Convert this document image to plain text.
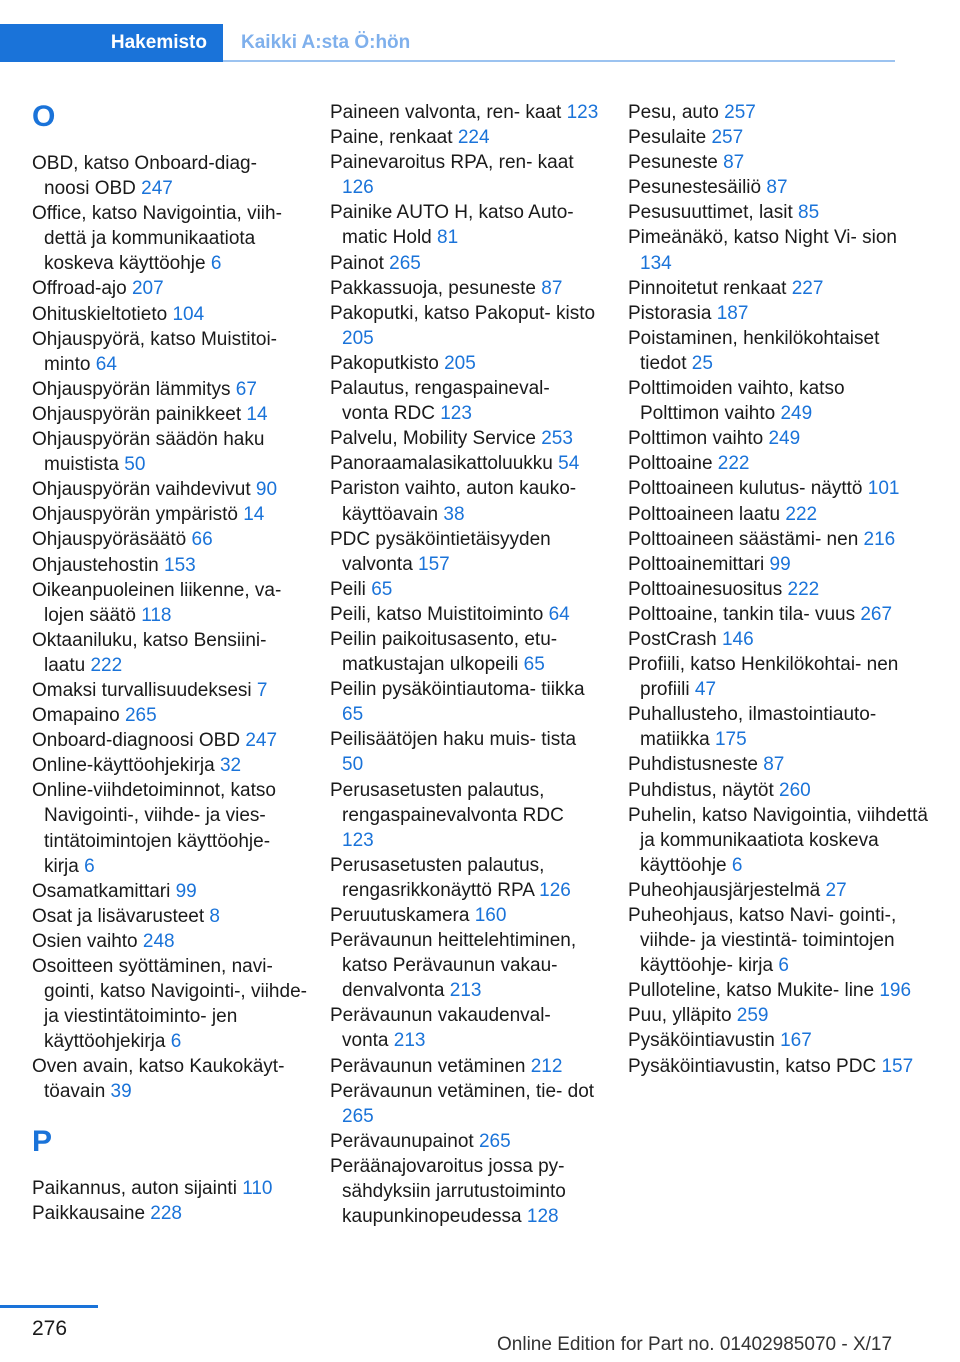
Hakemisto	Kaikki A:sta Ö:hön
O
OBD, katso Onboard-diag‐ noosi OBD 247
Office, katso Navigointia, viih‐ dettä ja kommunikaatiota koskeva käyttöohje 6
Offroad-ajo 207
Ohituskieltotieto 104
Ohjauspyörä, katso Muistitoi‐ minto 64
Ohjauspyörän lämmitys 67
Ohjauspyörän painikkeet 14
Ohjauspyörän säädön haku muistista 50
Ohjauspyörän vaihdevivut 90
Ohjauspyörän ympäristö 14
Ohjauspyöräsäätö 66
Ohjaustehostin 153
Oikeanpuoleinen liikenne, va‐ lojen säätö 118
Oktaaniluku, katso Bensiini‐ laatu 222
Omaksi turvallisuudeksesi 7
Omapaino 265
Onboard-diagnoosi OBD 247
Online-käyttöohjekirja 32
Online-viihdetoiminnot, katso Navigointi-, viihde- ja vies‐ tintätoimintojen käyttöohje‐ kirja 6
Osamatkamittari 99
Osat ja lisävarusteet 8
Osien vaihto 248
Osoitteen syöttäminen, navi‐ gointi, katso Navigointi-, viihde- ja viestintätoiminto‐ jen käyttöohjekirja 6
Oven avain, katso Kaukokäyt‐ töavain 39
P
Paikannus, auton sijainti 110
Paikkausaine 228
Paineen valvonta, ren‐ kaat 123
Paine, renkaat 224
Painevaroitus RPA, ren‐ kaat 126
Painike AUTO H, katso Auto‐ matic Hold 81
Painot 265
Pakkassuoja, pesuneste 87
Pakoputki, katso Pakoput‐ kisto 205
Pakoputkisto 205
Palautus, rengaspaineval‐ vonta RDC 123
Palvelu, Mobility Service 253
Panoraamalasikattoluukku 54
Pariston vaihto, auton kauko‐ käyttöavain 38
PDC pysäköintietäisyyden valvonta 157
Peili 65
Peili, katso Muistitoiminto 64
Peilin paikoitusasento, etu‐ matkustajan ulkopeili 65
Peilin pysäköintiautoma‐ tiikka 65
Peilisäätöjen haku muis‐ tista 50
Perusasetusten palautus, rengaspainevalvonta RDC 123
Perusasetusten palautus, rengasrikkonäyttö RPA 126
Peruutuskamera 160
Perävaunun heittelehtiminen, katso Perävaunun vakau‐ denvalvonta 213
Perävaunun vakaudenval‐ vonta 213
Perävaunun vetäminen 212
Perävaunun vetäminen, tie‐ dot 265
Perävaunupainot 265
Peräänajovaroitus jossa py‐ sähdyksiin jarrutustoiminto kaupunkinopeudessa 128
Pesu, auto 257
Pesulaite 257
Pesuneste 87
Pesunestesäiliö 87
Pesusuuttimet, lasit 85
Pimeänäkö, katso Night Vi‐ sion 134
Pinnoitetut renkaat 227
Pistorasia 187
Poistaminen, henkilökohtaiset tiedot 25
Polttimoiden vaihto, katso Polttimon vaihto 249
Polttimon vaihto 249
Polttoaine 222
Polttoaineen kulutus‐ näyttö 101
Polttoaineen laatu 222
Polttoaineen säästämi‐ nen 216
Polttoainemittari 99
Polttoainesuositus 222
Polttoaine, tankin tila‐ vuus 267
PostCrash 146
Profiili, katso Henkilökohtai‐ nen profiili 47
Puhallusteho, ilmastointiauto‐ matiikka 175
Puhdistusneste 87
Puhdistus, näytöt 260
Puhelin, katso Navigointia, viihdettä ja kommunikaatiota koskeva käyttöohje 6
Puheohjausjärjestelmä 27
Puheohjaus, katso Navi‐ gointi-, viihde- ja viestintä‐ toimintojen käyttöohje‐ kirja 6
Pulloteline, katso Mukite‐ line 196
Puu, ylläpito 259
Pysäköintiavustin 167
Pysäköintiavustin, katso PDC 157
276
Online Edition for Part no. 01402985070 - X/17
